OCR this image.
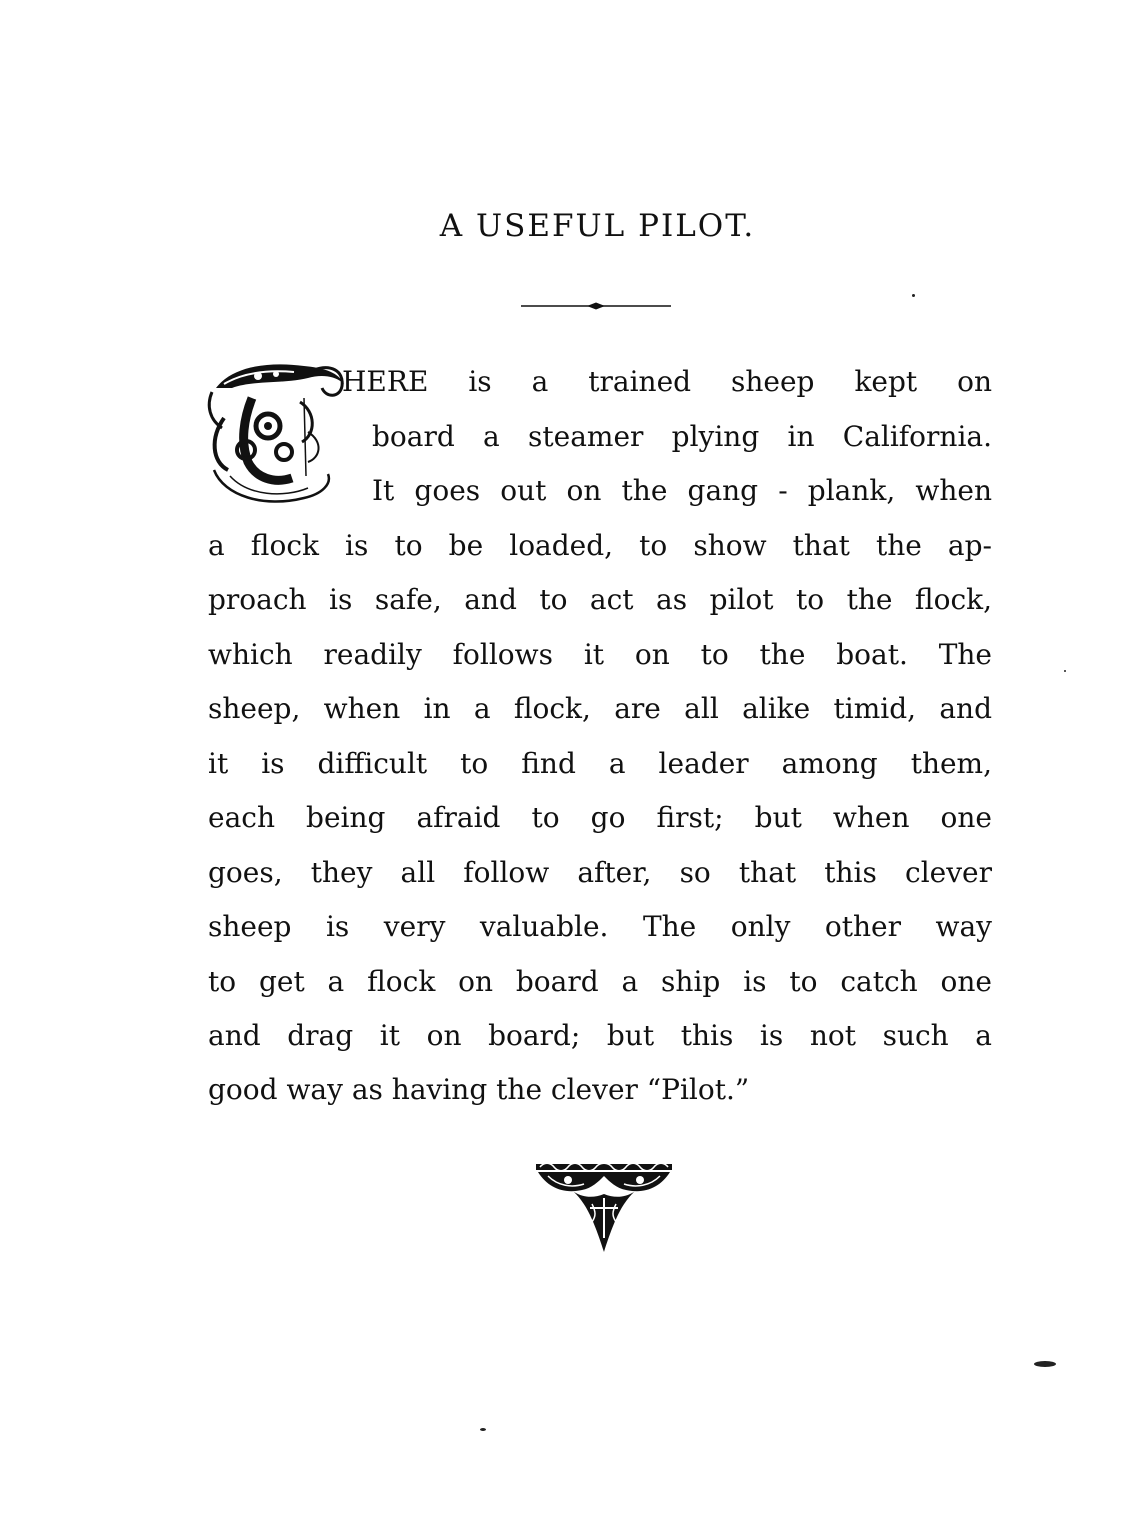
A USEFUL PILOT.
HERE is a trained sheep kept on
board a steamer plying in California.
It goes out on the gang - plank, when
a flock is to be loaded, to show that the ap-
proach is safe, and to act as pilot to the flock,
which readily follows it on to the boat. The
sheep, when in a flock, are all alike timid, and
it is difficult to find a leader among them,
each being afraid to go first; but when one
goes, they all follow after, so that this clever
sheep is very valuable. The only other way
to get a flock on board a ship is to catch one
and drag it on board; but this is not such a
good way as having the clever “Pilot.”
